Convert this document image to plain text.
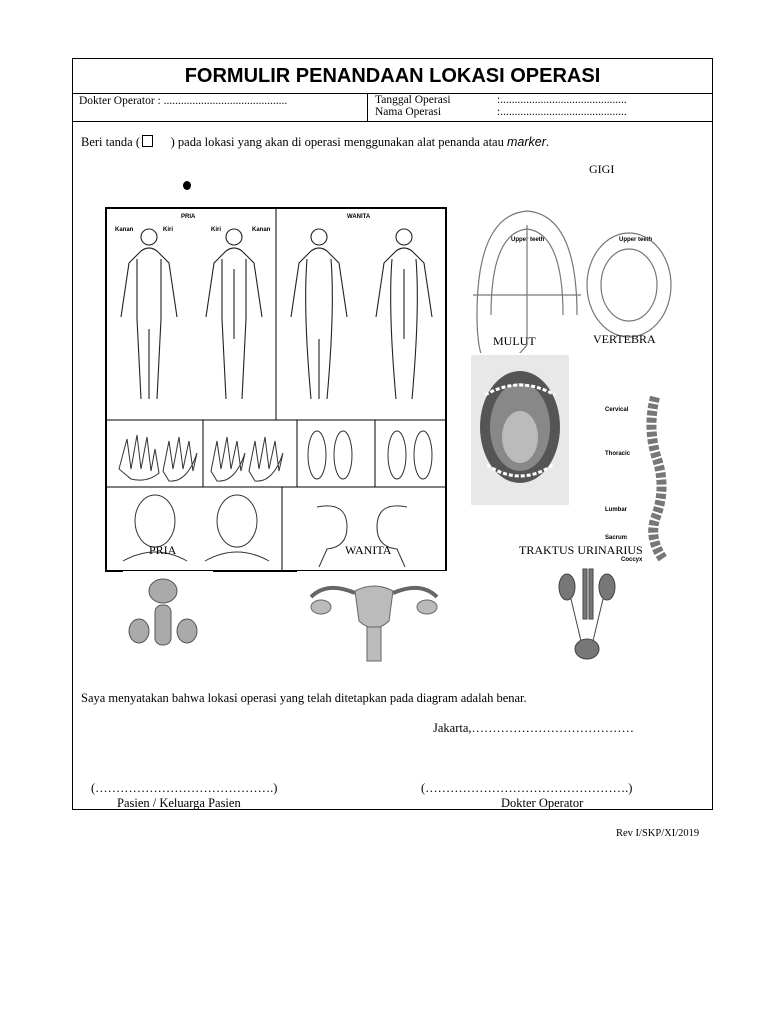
FORMULIR PENANDAAN LOKASI OPERASI
Dokter Operator : ...........................................	Tanggal Operasi	:............................................
Nama Operasi	:............................................
Beri tanda ( ) pada lokasi yang akan di operasi menggunakan alat penanda atau marker.
GIGI
PRIA	WANITA
Kanan	Kiri	Kiri	Kanan
Upper teeth	Upper teeth
MULUT	VERTEBRA
Cervical
Thoracic
Lumbar
Sacrum
Coccyx
PRIA	WANITA	TRAKTUS URINARIUS
Saya menyatakan bahwa lokasi operasi yang telah ditetapkan pada diagram adalah benar.
Jakarta,…………………………………
(…………………………………….)
Pasien / Keluarga Pasien
(………………………………………….)
Dokter Operator
Rev I/SKP/XI/2019
